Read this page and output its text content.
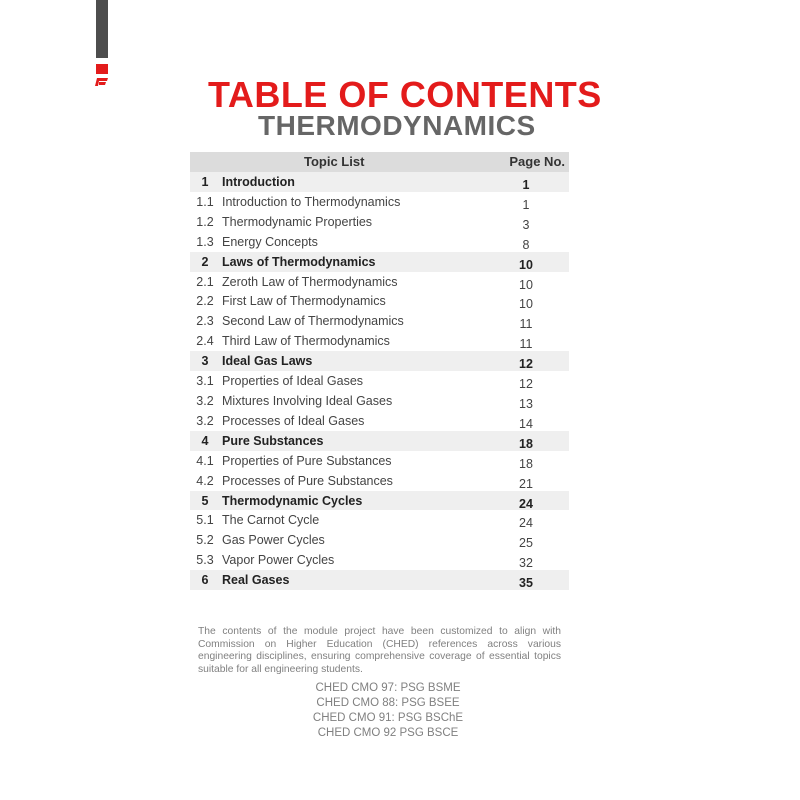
TABLE OF CONTENTS
THERMODYNAMICS
Topic List	Page No.
1	Introduction	1
1.1 Introduction to Thermodynamics	1
1.2 Thermodynamic Properties	3
1.3 Energy Concepts	8
2	Laws of Thermodynamics	10
2.1 Zeroth Law of Thermodynamics	10
2.2 First Law of Thermodynamics	10
2.3 Second Law of Thermodynamics	11
2.4 Third Law of Thermodynamics	11
3	Ideal Gas Laws	12
3.1 Properties of Ideal Gases	12
3.2 Mixtures Involving Ideal Gases	13
3.2 Processes of Ideal Gases	14
4	Pure Substances	18
4.1 Properties of Pure Substances	18
4.2 Processes of Pure Substances	21
5	Thermodynamic Cycles	24
5.1 The Carnot Cycle	24
5.2 Gas Power Cycles	25
5.3 Vapor Power Cycles	32
6	Real Gases	35
The contents of the module project have been customized to align with Commission on Higher Education (CHED) references across various engineering disciplines, ensuring comprehensive coverage of essential topics suitable for all engineering students.
CHED CMO 97: PSG BSME
CHED CMO 88: PSG BSEE
CHED CMO 91: PSG BSChE
CHED CMO 92 PSG BSCE
